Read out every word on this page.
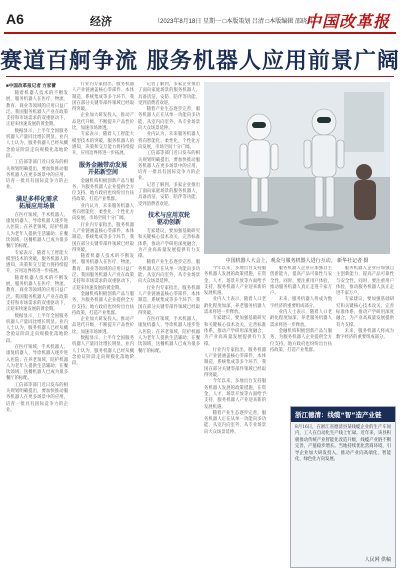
A6	经济	（2023年8月18日 星期一 □本版策划 吕清 □本版编辑 邵晓丹）
中国改革报
赛道百舸争流 服务机器人应用前景广阔
■中国改革报记者 方家蕾

随着机器人技术的不断发展，服务机器人在医疗、物流、教育、商业等领域的应用日益广泛。我国服务机器人产业在政策支持和市场需求的双重驱动下，正迎来快速发展的黄金期。

数据显示，上半年全国服务机器人产量同比增长明显。业内人士认为，服务机器人已经从概念验证阶段走向规模化落地阶段。

工信部等部门近日发布的相关规划明确提出，要加快推动服务机器人在更多场景中的应用，培育一批具有国际竞争力的企业。

满足多样化需求
拓展应用场景

在医疗领域，手术机器人、康复机器人、导诊机器人逐步进入医院；在养老领域，陪护机器人为老年人提供生活辅助；在餐饮领域，送餐机器人已成为很多餐厅的标配。

专家表示，随着人工智能大模型技术的突破，服务机器人的感知、决策和交互能力将持续提升，应用边界将进一步拓展。

随着机器人技术的不断发展，服务机器人在医疗、物流、教育、商业等领域的应用日益广泛。我国服务机器人产业在政策支持和市场需求的双重驱动下，正迎来快速发展的黄金期。

数据显示，上半年全国服务机器人产量同比增长明显。业内人士认为，服务机器人已经从概念验证阶段走向规模化落地阶段。

在医疗领域，手术机器人、康复机器人、导诊机器人逐步进入医院；在养老领域，陪护机器人为老年人提供生活辅助；在餐饮领域，送餐机器人已成为很多餐厅的标配。

工信部等部门近日发布的相关规划明确提出，要加快推动服务机器人在更多场景中的应用，培育一批具有国际竞争力的企业。

行业内专家指出，服务机器人产业链涵盖核心零部件、本体制造、系统集成等多个环节，我国在部分关键零部件领域已经取得突破。

企业加大研发投入，推动产品迭代升级，不断提升产品性价比，加速市场渗透。

专家表示，随着人工智能大模型技术的突破，服务机器人的感知、决策和交互能力将持续提升，应用边界将进一步拓展。

服务金融带动发展
开拓新空间

金融机构积极创新产品与服务，为服务机器人企业提供全方位支持。地方政府也纷纷出台扶持政策，打造产业集群。

业内认为，未来服务机器人将向智能化、柔性化、个性化方向发展，市场空间十分广阔。

行业内专家指出，服务机器人产业链涵盖核心零部件、本体制造、系统集成等多个环节，我国在部分关键零部件领域已经取得突破。

随着机器人技术的不断发展，服务机器人在医疗、物流、教育、商业等领域的应用日益广泛。我国服务机器人产业在政策支持和市场需求的双重驱动下，正迎来快速发展的黄金期。

金融机构积极创新产品与服务，为服务机器人企业提供全方位支持。地方政府也纷纷出台扶持政策，打造产业集群。

企业加大研发投入，推动产品迭代升级，不断提升产品性价比，加速市场渗透。

数据显示，上半年全国服务机器人产量同比增长明显。业内人士认为，服务机器人已经从概念验证阶段走向规模化落地阶段。

记者了解到，多家企业推出了面向家庭场景的服务机器人，具备清洁、安防、陪伴等功能，受到消费者欢迎。

随着产业生态逐步完善，服务机器人正在从单一功能向多功能、从室内向室外、从专业场景向大众场景延伸。

业内认为，未来服务机器人将向智能化、柔性化、个性化方向发展，市场空间十分广阔。

工信部等部门近日发布的相关规划明确提出，要加快推动服务机器人在更多场景中的应用，培育一批具有国际竞争力的企业。

记者了解到，多家企业推出了面向家庭场景的服务机器人，具备清洁、安防、陪伴等功能，受到消费者欢迎。

技术与应用双轮
驱动创新

专家建议，要加强基础研究和关键核心技术攻关，完善标准体系，推动产学研用深度融合，为产业高质量发展提供有力支撑。

随着产业生态逐步完善，服务机器人正在从单一功能向多功能、从室内向室外、从专业场景向大众场景延伸。

行业内专家指出，服务机器人产业链涵盖核心零部件、本体制造、系统集成等多个环节，我国在部分关键零部件领域已经取得突破。

在医疗领域，手术机器人、康复机器人、导诊机器人逐步进入医院；在养老领域，陪护机器人为老年人提供生活辅助；在餐饮领域，送餐机器人已成为很多餐厅的标配。

中国机器人大会上，观众与服务机器人进行互动。 新华社记者 摄

今年以来，多地出台支持服务机器人发展的政策措施，在资金、人才、场景开放等方面给予支持，服务机器人产业迎来新的发展机遇。

业内人士表示，随着人口老龄化程度加深，养老服务机器人需求将进一步释放。

专家建议，要加强基础研究和关键核心技术攻关，完善标准体系，推动产学研用深度融合，为产业高质量发展提供有力支撑。

行业内专家指出，服务机器人产业链涵盖核心零部件、本体制造、系统集成等多个环节，我国在部分关键零部件领域已经取得突破。

今年以来，多地出台支持服务机器人发展的政策措施，在资金、人才、场景开放等方面给予支持，服务机器人产业迎来新的发展机遇。

随着产业生态逐步完善，服务机器人正在从单一功能向多功能、从室内向室外、从专业场景向大众场景延伸。

服务机器人企业应加强自主创新能力，提高产品可靠性与安全性。同时，要注重用户体验，推动服务机器人真正走进千家万户。

未来，服务机器人将成为数字经济的重要组成部分。

业内人士表示，随着人口老龄化程度加深，养老服务机器人需求将进一步释放。

金融机构积极创新产品与服务，为服务机器人企业提供全方位支持。地方政府也纷纷出台扶持政策，打造产业集群。

服务机器人企业应加强自主创新能力，提高产品可靠性与安全性。同时，要注重用户体验，推动服务机器人真正走进千家万户。

专家建议，要加强基础研究和关键核心技术攻关，完善标准体系，推动产学研用深度融合，为产业高质量发展提供有力支撑。

未来，服务机器人将成为数字经济的重要组成部分。

浙江德清：线缆“智”造产业链
8月16日，在浙江省德清县某线缆企业的生产车间内，工人在自动化生产线上忙碌。近年来，该县积极推动传统产业智能化改造升级，线缆产业链不断完善，产值稳步增长。当地持续优化营商环境，引导企业加大研发投入，推动产业向高端化、智能化、绿色化方向发展。
人民网 供稿
